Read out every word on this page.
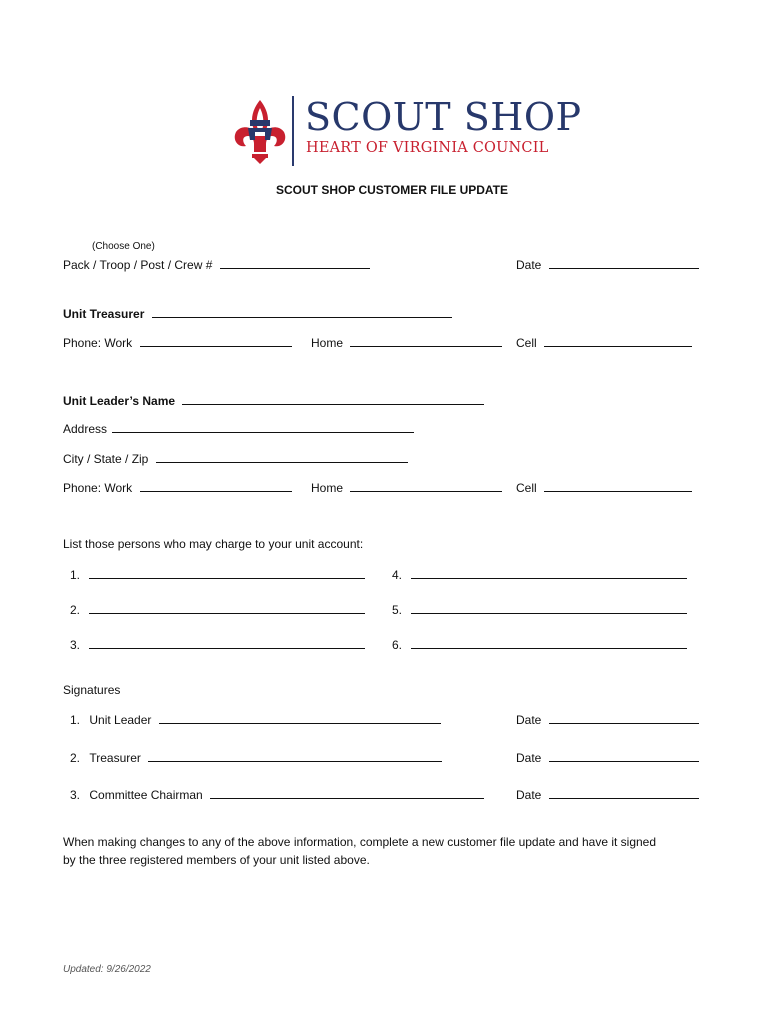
SCOUT SHOP
HEART OF VIRGINIA COUNCIL
SCOUT SHOP CUSTOMER FILE UPDATE
(Choose One)
Pack / Troop / Post / Crew #	Date
Unit Treasurer
Phone: Work	Home	Cell
Unit Leader’s Name
Address
City / State / Zip
Phone: Work	Home	Cell
List those persons who may charge to your unit account:
1.	4.
2.	5.
3.	6.
Signatures
1. Unit Leader	Date
2. Treasurer	Date
3. Committee Chairman	Date
When making changes to any of the above information, complete a new customer file update and have it signed
by the three registered members of your unit listed above.
Updated: 9/26/2022
